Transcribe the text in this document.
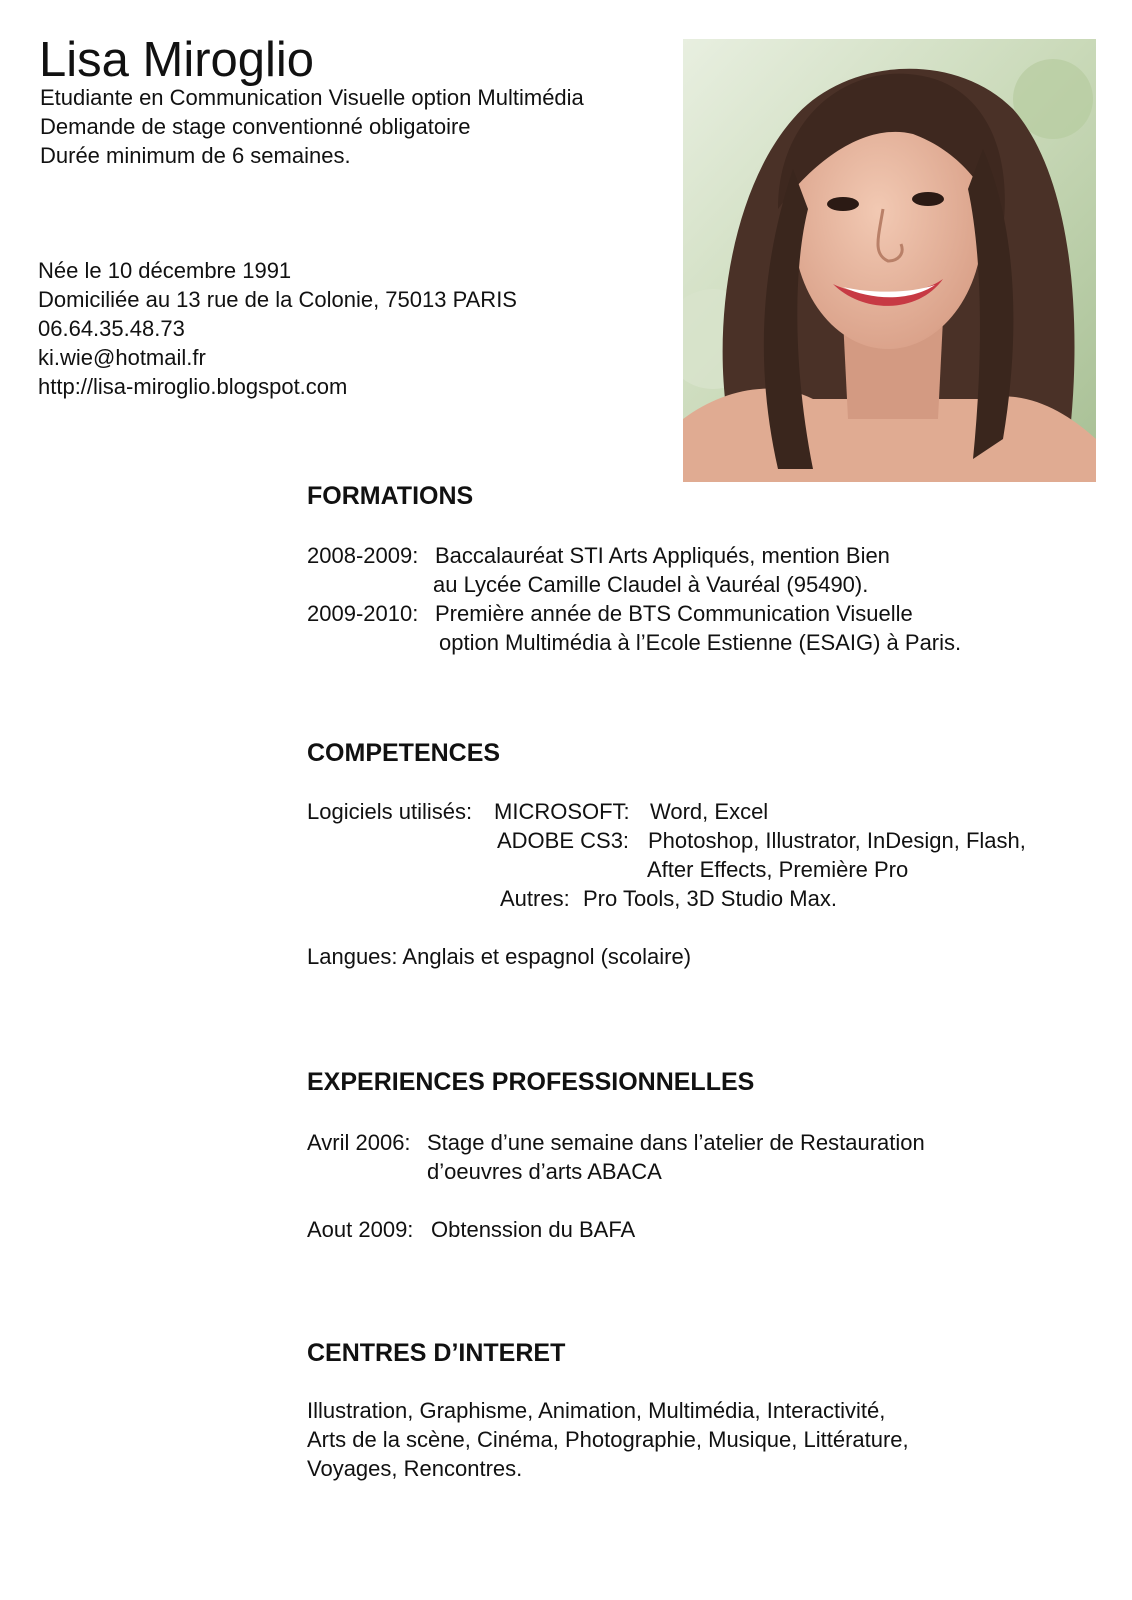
Lisa Miroglio
Etudiante en Communication Visuelle option Multimédia
Demande de stage conventionné obligatoire
Durée minimum de 6 semaines.
Née le 10 décembre 1991
Domiciliée au 13 rue de la Colonie, 75013 PARIS
06.64.35.48.73
ki.wie@hotmail.fr
http://lisa-miroglio.blogspot.com
FORMATIONS
2008-2009: Baccalauréat STI Arts Appliqués, mention Bien
au Lycée Camille Claudel à Vauréal (95490).
2009-2010: Première année de BTS Communication Visuelle
option Multimédia à l’Ecole Estienne (ESAIG) à Paris.
COMPETENCES
Logiciels utilisés: MICROSOFT: Word, Excel
ADOBE CS3: Photoshop, Illustrator, InDesign, Flash,
After Effects, Première Pro
Autres: Pro Tools, 3D Studio Max.
Langues: Anglais et espagnol (scolaire)
EXPERIENCES PROFESSIONNELLES
Avril 2006: Stage d’une semaine dans l’atelier de Restauration
d’oeuvres d’arts ABACA
Aout 2009: Obtenssion du BAFA
CENTRES D’INTERET
Illustration, Graphisme, Animation, Multimédia, Interactivité,
Arts de la scène, Cinéma, Photographie, Musique, Littérature,
Voyages, Rencontres.
